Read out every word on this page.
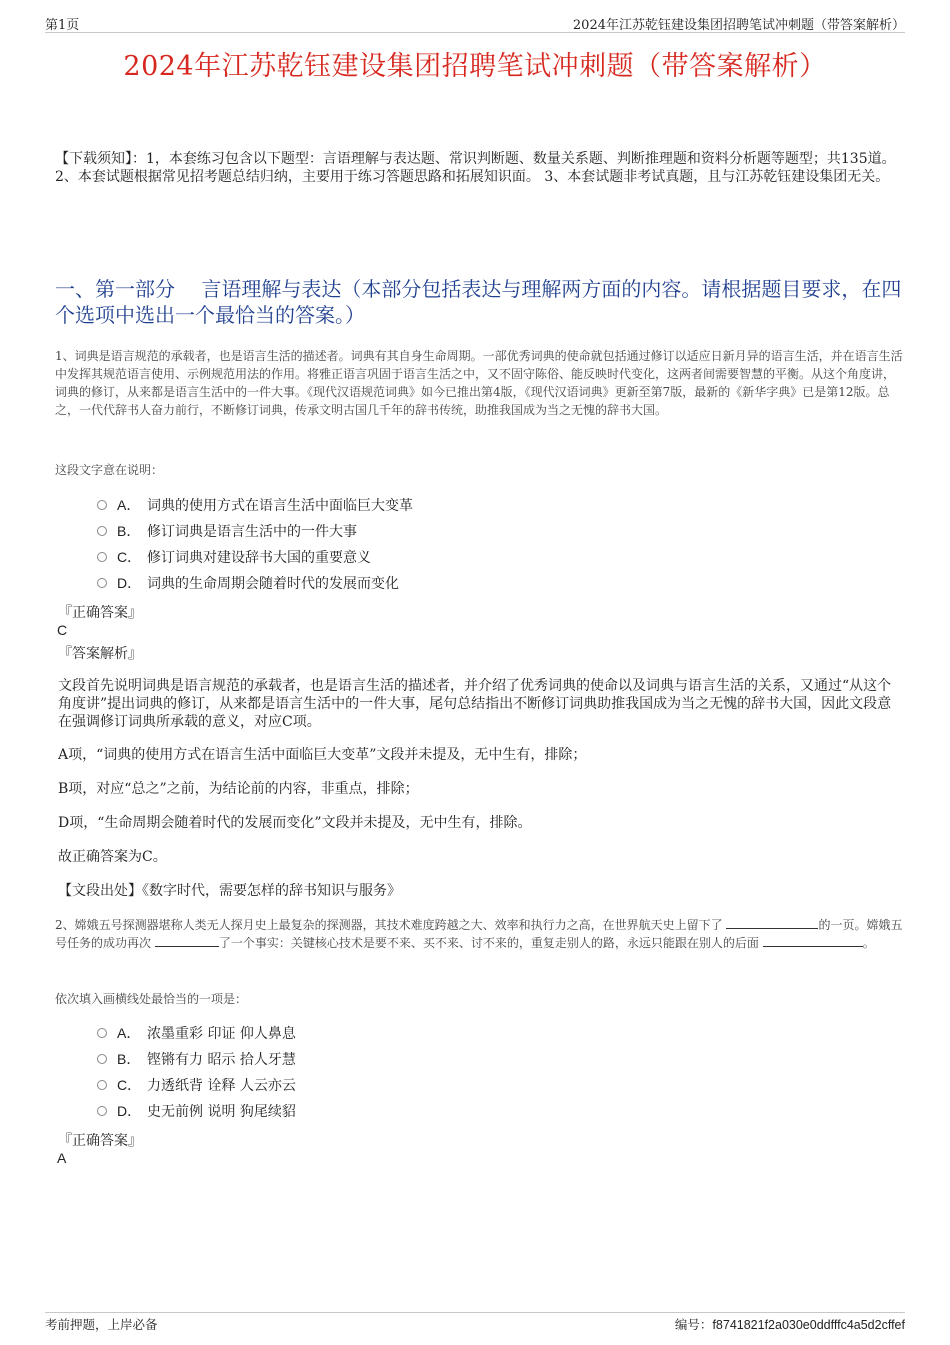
第1页	2024年江苏乾钰建设集团招聘笔试冲刺题（带答案解析）
2024年江苏乾钰建设集团招聘笔试冲刺题（带答案解析）
【下载须知】：1，本套练习包含以下题型：言语理解与表达题、常识判断题、数量关系题、判断推理题和资料分析题等题型；共135道。 2、本套试题根据常见招考题总结归纳，主要用于练习答题思路和拓展知识面。 3、本套试题非考试真题，且与江苏乾钰建设集团无关。
一、第一部分　 言语理解与表达（本部分包括表达与理解两方面的内容。请根据题目要求，在四个选项中选出一个最恰当的答案。）
1、词典是语言规范的承载者，也是语言生活的描述者。词典有其自身生命周期。一部优秀词典的使命就包括通过修订以适应日新月异的语言生活，并在语言生活中发挥其规范语言使用、示例规范用法的作用。将雅正语言巩固于语言生活之中，又不固守陈俗、能反映时代变化，这两者间需要智慧的平衡。从这个角度讲，词典的修订，从来都是语言生活中的一件大事。《现代汉语规范词典》如今已推出第4版，《现代汉语词典》更新至第7版，最新的《新华字典》已是第12版。总之，一代代辞书人奋力前行，不断修订词典，传承文明古国几千年的辞书传统，助推我国成为当之无愧的辞书大国。
这段文字意在说明：
A． 词典的使用方式在语言生活中面临巨大变革
B． 修订词典是语言生活中的一件大事
C． 修订词典对建设辞书大国的重要意义
D． 词典的生命周期会随着时代的发展而变化
『正确答案』
C
『答案解析』
文段首先说明词典是语言规范的承载者，也是语言生活的描述者，并介绍了优秀词典的使命以及词典与语言生活的关系，又通过“从这个角度讲”提出词典的修订，从来都是语言生活中的一件大事，尾句总结指出不断修订词典助推我国成为当之无愧的辞书大国，因此文段意在强调修订词典所承载的意义，对应C项。
A项，“词典的使用方式在语言生活中面临巨大变革”文段并未提及，无中生有，排除；
B项，对应“总之”之前，为结论前的内容，非重点，排除；
D项，“生命周期会随着时代的发展而变化”文段并未提及，无中生有，排除。
故正确答案为C。
【文段出处】《数字时代，需要怎样的辞书知识与服务》
2、嫦娥五号探测器堪称人类无人探月史上最复杂的探测器，其技术难度跨越之大、效率和执行力之高，在世界航天史上留下了	的一页。嫦娥五号任务的成功再次	了一个事实：关键核心技术是要不来、买不来、讨不来的，重复走别人的路，永远只能跟在别人的后面	。
依次填入画横线处最恰当的一项是：
A． 浓墨重彩 印证 仰人鼻息
B． 铿锵有力 昭示 拾人牙慧
C． 力透纸背 诠释 人云亦云
D． 史无前例 说明 狗尾续貂
『正确答案』
A
考前押题，上岸必备	编号：f8741821f2a030e0ddfffc4a5d2cffef
